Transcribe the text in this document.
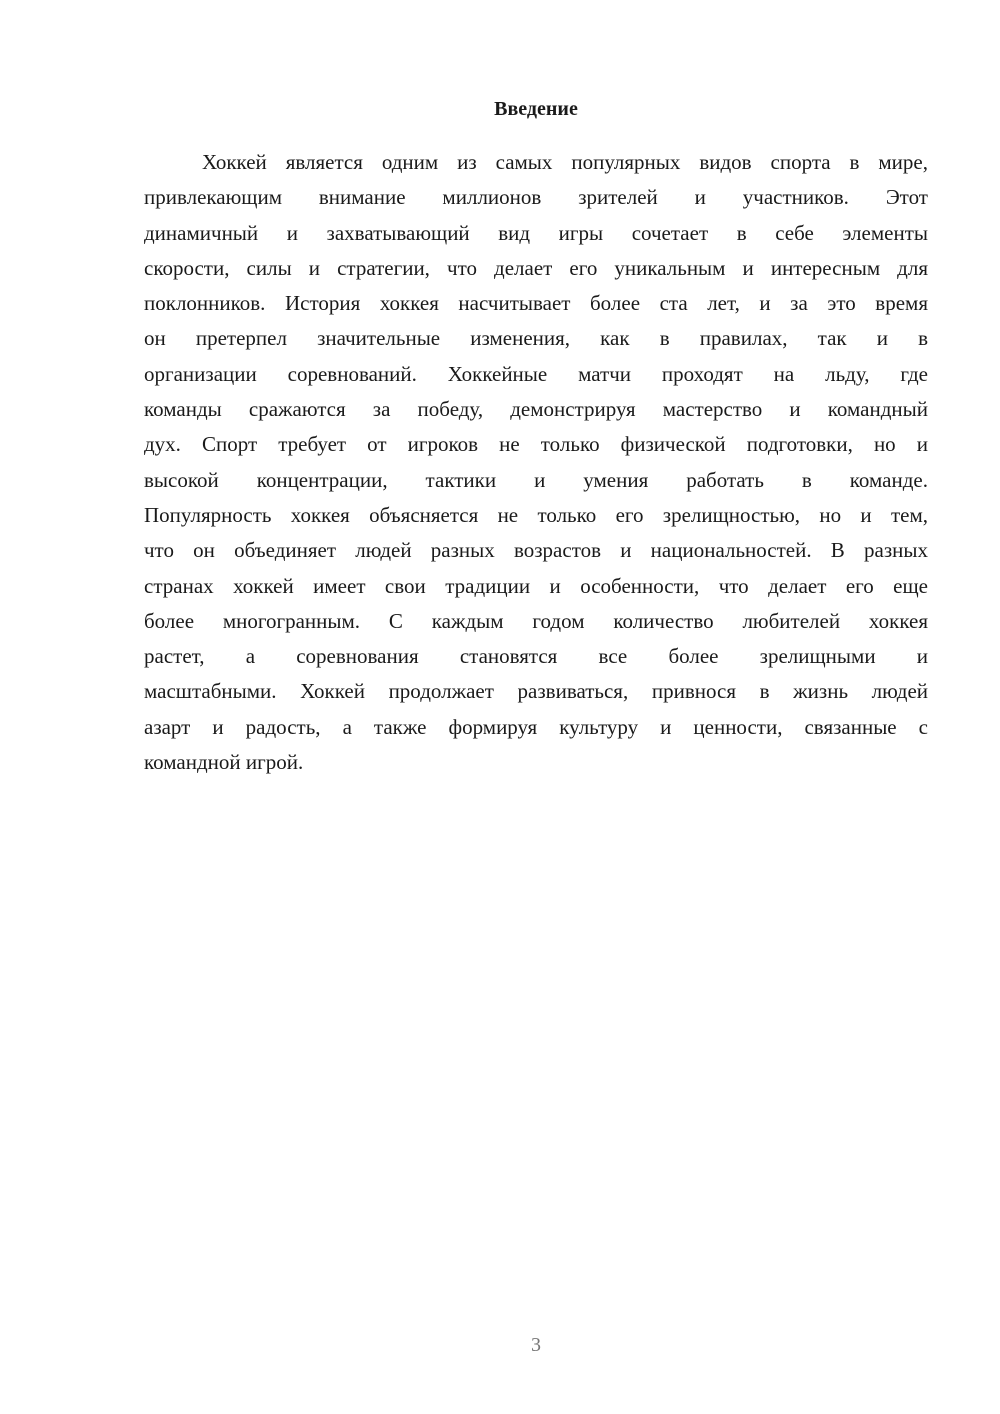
Введение
Хоккей является одним из самых популярных видов спорта в мире,
привлекающим внимание миллионов зрителей и участников. Этот
динамичный и захватывающий вид игры сочетает в себе элементы
скорости, силы и стратегии, что делает его уникальным и интересным для
поклонников. История хоккея насчитывает более ста лет, и за это время
он претерпел значительные изменения, как в правилах, так и в
организации соревнований. Хоккейные матчи проходят на льду, где
команды сражаются за победу, демонстрируя мастерство и командный
дух. Спорт требует от игроков не только физической подготовки, но и
высокой концентрации, тактики и умения работать в команде.
Популярность хоккея объясняется не только его зрелищностью, но и тем,
что он объединяет людей разных возрастов и национальностей. В разных
странах хоккей имеет свои традиции и особенности, что делает его еще
более многогранным. С каждым годом количество любителей хоккея
растет, а соревнования становятся все более зрелищными и
масштабными. Хоккей продолжает развиваться, привнося в жизнь людей
азарт и радость, а также формируя культуру и ценности, связанные с
командной игрой.
3
